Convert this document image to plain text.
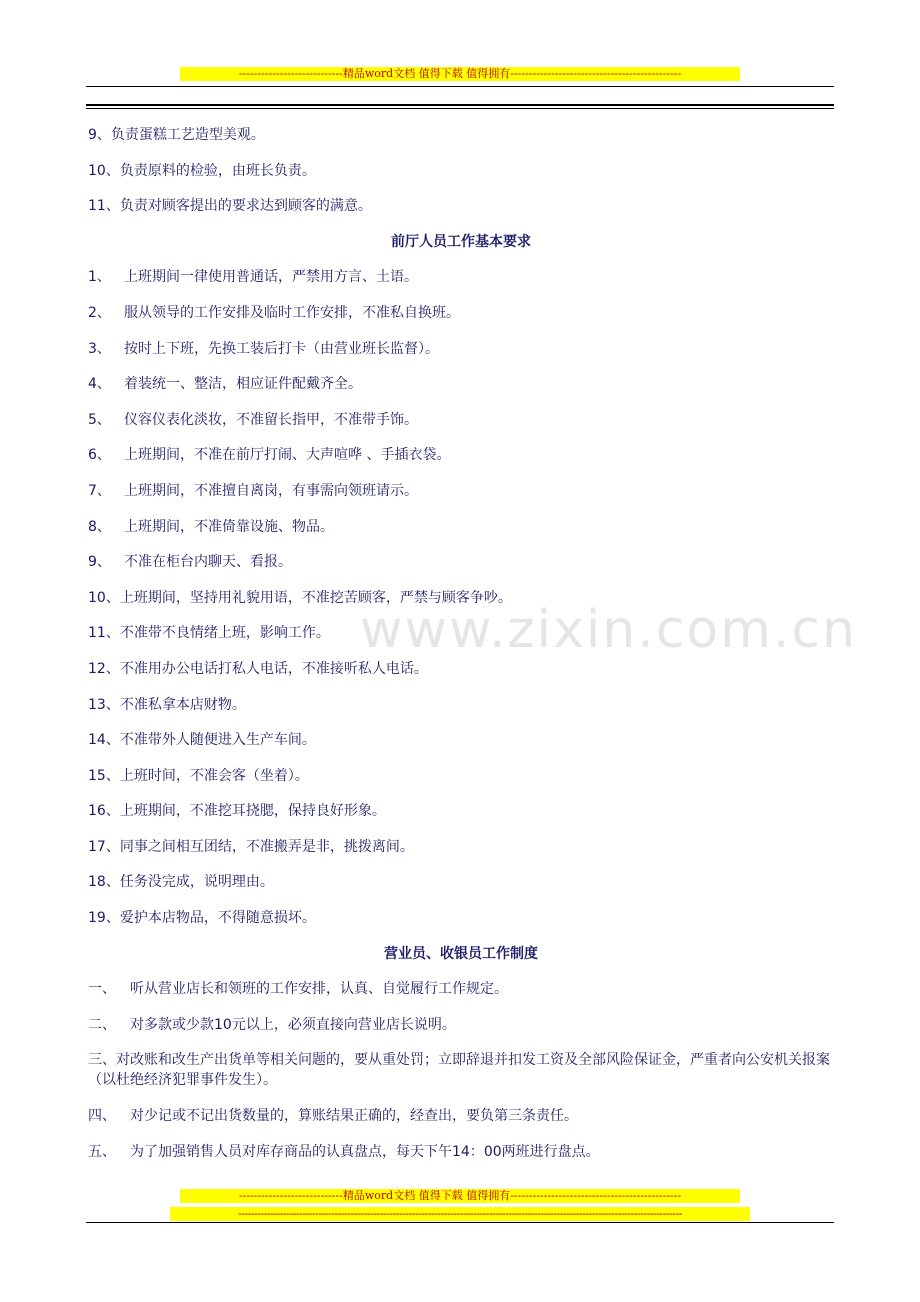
----------------------------精品word文档 值得下载 值得拥有----------------------------------------------
www.zixin.com.cn
9、负责蛋糕工艺造型美观。
10、负责原料的检验，由班长负责。
11、负责对顾客提出的要求达到顾客的满意。
前厅人员工作基本要求
1、 上班期间一律使用普通话，严禁用方言、土语。
2、 服从领导的工作安排及临时工作安排，不准私自换班。
3、 按时上下班，先换工装后打卡（由营业班长监督）。
4、 着装统一、整洁，相应证件配戴齐全。
5、 仪容仪表化淡妆，不准留长指甲，不准带手饰。
6、 上班期间，不准在前厅打闹、大声喧哗 、手插衣袋。
7、 上班期间，不准擅自离岗，有事需向领班请示。
8、 上班期间，不准倚靠设施、物品。
9、 不准在柜台内聊天、看报。
10、上班期间，坚持用礼貌用语，不准挖苦顾客，严禁与顾客争吵。
11、不准带不良情绪上班，影响工作。
12、不准用办公电话打私人电话，不准接听私人电话。
13、不准私拿本店财物。
14、不准带外人随便进入生产车间。
15、上班时间，不准会客（坐着）。
16、上班期间，不准挖耳挠腮，保持良好形象。
17、同事之间相互团结，不准搬弄是非，挑拨离间。
18、任务没完成，说明理由。
19、爱护本店物品，不得随意损坏。
营业员、收银员工作制度
一、 听从营业店长和领班的工作安排，认真、自觉履行工作规定。
二、 对多款或少款10元以上，必须直接向营业店长说明。
三、对改账和改生产出货单等相关问题的，要从重处罚；立即辞退并扣发工资及全部风险保证金，严重者向公安机关报案（以杜绝经济犯罪事件发生）。
四、 对少记或不记出货数量的，算账结果正确的，经查出，要负第三条责任。
五、 为了加强销售人员对库存商品的认真盘点，每天下午14：00两班进行盘点。
----------------------------精品word文档 值得下载 值得拥有----------------------------------------------
------------------------------------------------------------------------------------------------------------------------------------------
